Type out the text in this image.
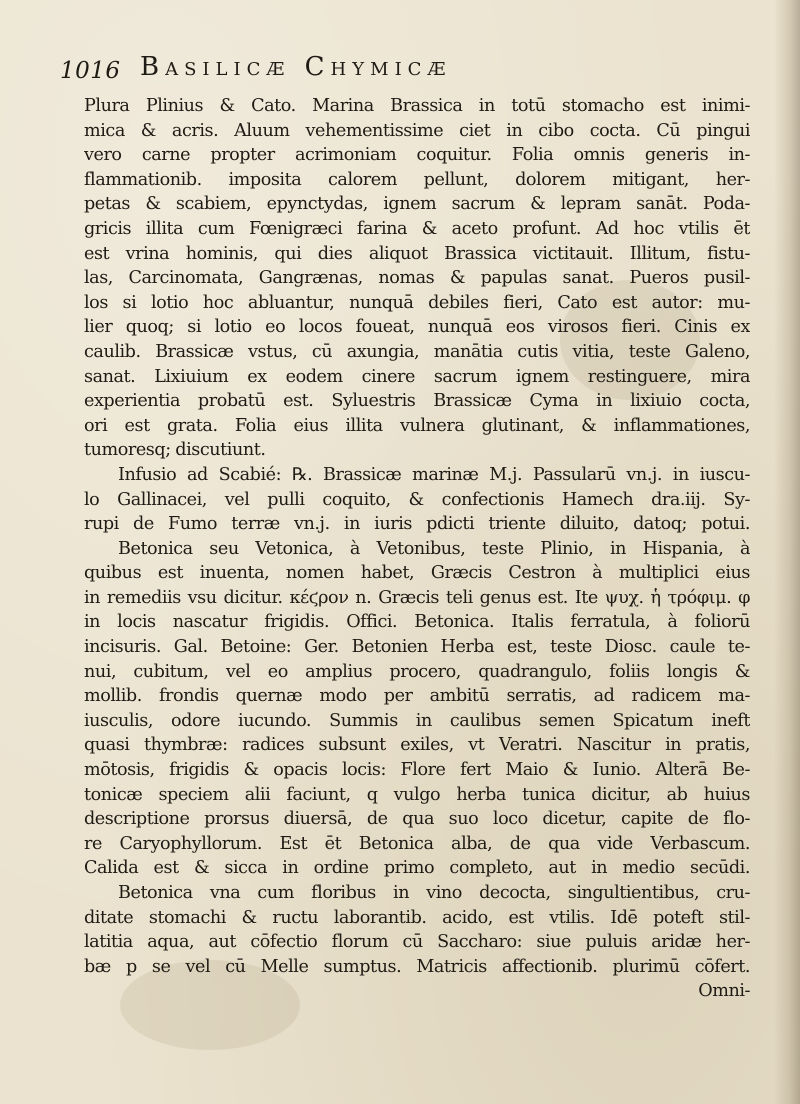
1016 Basilicæ Chymicæ
Plura Plinius & Cato. Marina Brassica in totū stomacho est inimi-
mica & acris. Aluum vehementissime ciet in cibo cocta. Cū pingui
vero carne propter acrimoniam coquitur. Folia omnis generis in-
flammationib. imposita calorem pellunt, dolorem mitigant, her-
petas & scabiem, epynctydas, ignem sacrum & lepram sanāt. Poda-
gricis illita cum Fœnigræci farina & aceto profunt. Ad hoc vtilis ēt
est vrina hominis, qui dies aliquot Brassica victitauit. Illitum, fistu-
las, Carcinomata, Gangrænas, nomas & papulas sanat. Pueros pusil-
los si lotio hoc abluantur, nunquā debiles fieri, Cato est autor: mu-
lier quoq; si lotio eo locos foueat, nunquā eos virosos fieri. Cinis ex
caulib. Brassicæ vstus, cū axungia, manātia cutis vitia, teste Galeno,
sanat. Lixiuium ex eodem cinere sacrum ignem restinguere, mira
experientia probatū est. Syluestris Brassicæ Cyma in lixiuio cocta,
ori est grata. Folia eius illita vulnera glutinant, & inflammationes,
tumoresq; discutiunt.
Infusio ad Scabié: ℞. Brassicæ marinæ M.j. Passularū vn.j. in iuscu-
lo Gallinacei, vel pulli coquito, & confectionis Hamech dra.iij. Sy-
rupi de Fumo terræ vn.j. in iuris pdicti triente diluito, datoq; potui.
Betonica seu Vetonica, à Vetonibus, teste Plinio, in Hispania, à
quibus est inuenta, nomen habet, Græcis Cestron à multiplici eius
in remediis vsu dicitur. κέϛρον n. Græcis teli genus est. Ite ψυχ. ἡ τρόφιμ. φ
in locis nascatur frigidis. Offici. Betonica. Italis ferratula, à foliorū
incisuris. Gal. Betoine: Ger. Betonien Herba est, teste Diosc. caule te-
nui, cubitum, vel eo amplius procero, quadrangulo, foliis longis &
mollib. frondis quernæ modo per ambitū serratis, ad radicem ma-
iusculis, odore iucundo. Summis in caulibus semen Spicatum ineft
quasi thymbræ: radices subsunt exiles, vt Veratri. Nascitur in pratis,
mōtosis, frigidis & opacis locis: Flore fert Maio & Iunio. Alterā Be-
tonicæ speciem alii faciunt, q vulgo herba tunica dicitur, ab huius
descriptione prorsus diuersā, de qua suo loco dicetur, capite de flo-
re Caryophyllorum. Est ēt Betonica alba, de qua vide Verbascum.
Calida est & sicca in ordine primo completo, aut in medio secūdi.
Betonica vna cum floribus in vino decocta, singultientibus, cru-
ditate stomachi & ructu laborantib. acido, est vtilis. Idē poteft stil-
latitia aqua, aut cōfectio florum cū Saccharo: siue puluis aridæ her-
bæ p se vel cū Melle sumptus. Matricis affectionib. plurimū cōfert.
Omni-
